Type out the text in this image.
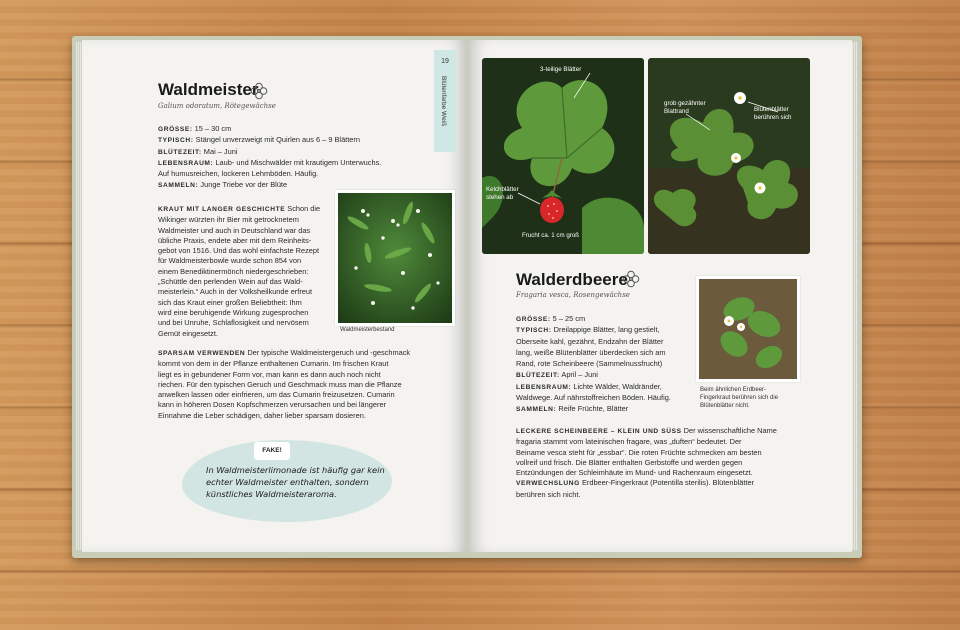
19
Blütenfarbe Weiß
Waldmeister
Galium odoratum, Rötegewächse
GRÖSSE: 15 – 30 cm
TYPISCH: Stängel unverzweigt mit Quirlen aus 6 – 9 Blättern
BLÜTEZEIT: Mai – Juni
LEBENSRAUM: Laub- und Mischwälder mit krautigem Unterwuchs.
Auf humusreichen, lockeren Lehmböden. Häufig.
SAMMELN: Junge Triebe vor der Blüte
KRAUT MIT LANGER GESCHICHTE Schon die
Wikinger würzten ihr Bier mit getrocknetem
Waldmeister und auch in Deutschland war das
übliche Praxis, endete aber mit dem Reinheits-
gebot von 1516. Und das wohl einfachste Rezept
für Waldmeisterbowle wurde schon 854 von
einem Benediktinermönch niedergeschrieben:
„Schüttle den perlenden Wein auf das Wald-
meisterlein.“ Auch in der Volksheilkunde erfreut
sich das Kraut einer großen Beliebtheit: Ihm
wird eine beruhigende Wirkung zugesprochen
und bei Unruhe, Schlaflosigkeit und nervösem
Gemüt eingesetzt.	Waldmeisterbestand
SPARSAM VERWENDEN Der typische Waldmeistergeruch und -geschmack
kommt von dem in der Pflanze enthaltenen Cumarin. Im frischen Kraut
liegt es in gebundener Form vor, man kann es dann auch noch nicht
riechen. Für den typischen Geruch und Geschmack muss man die Pflanze
anwelken lassen oder einfrieren, um das Cumarin freizusetzen. Cumarin
kann in höheren Dosen Kopfschmerzen verursachen und bei längerer
Einnahme die Leber schädigen, daher lieber sparsam dosieren.
In Waldmeisterlimonade ist häufig gar kein echter Waldmeister enthalten, sondern künstliches Waldmeisteraroma.
FAKE!
3-teilige Blätter
Kelchblätter stehen ab
Frucht ca. 1 cm groß
grob gezähnter Blattrand	Blütenblätter berühren sich
Walderdbeere
Fragaria vesca, Rosengewächse
GRÖSSE: 5 – 25 cm
TYPISCH: Dreilappige Blätter, lang gestielt,
Oberseite kahl, gezähnt, Endzahn der Blätter
lang, weiße Blütenblätter überdecken sich am
Rand, rote Scheinbeere (Sammelnussfrucht)
BLÜTEZEIT: April – Juni
LEBENSRAUM: Lichte Wälder, Waldränder,
Waldwege. Auf nährstoffreichen Böden. Häufig.
SAMMELN: Reife Früchte, Blätter
Beim ähnlichen Erdbeer-
Fingerkraut berühren sich die
Blütenblätter nicht.
LECKERE SCHEINBEERE – KLEIN UND SÜSS Der wissenschaftliche Name
fragaria stammt vom lateinischen fragare, was „duften“ bedeutet. Der
Beiname vesca steht für „essbar“. Die roten Früchte schmecken am besten
vollreif und frisch. Die Blätter enthalten Gerbstoffe und werden gegen
Entzündungen der Schleimhäute im Mund- und Rachenraum eingesetzt.
VERWECHSLUNG Erdbeer-Fingerkraut (Potentilla sterilis). Blütenblätter
berühren sich nicht.
